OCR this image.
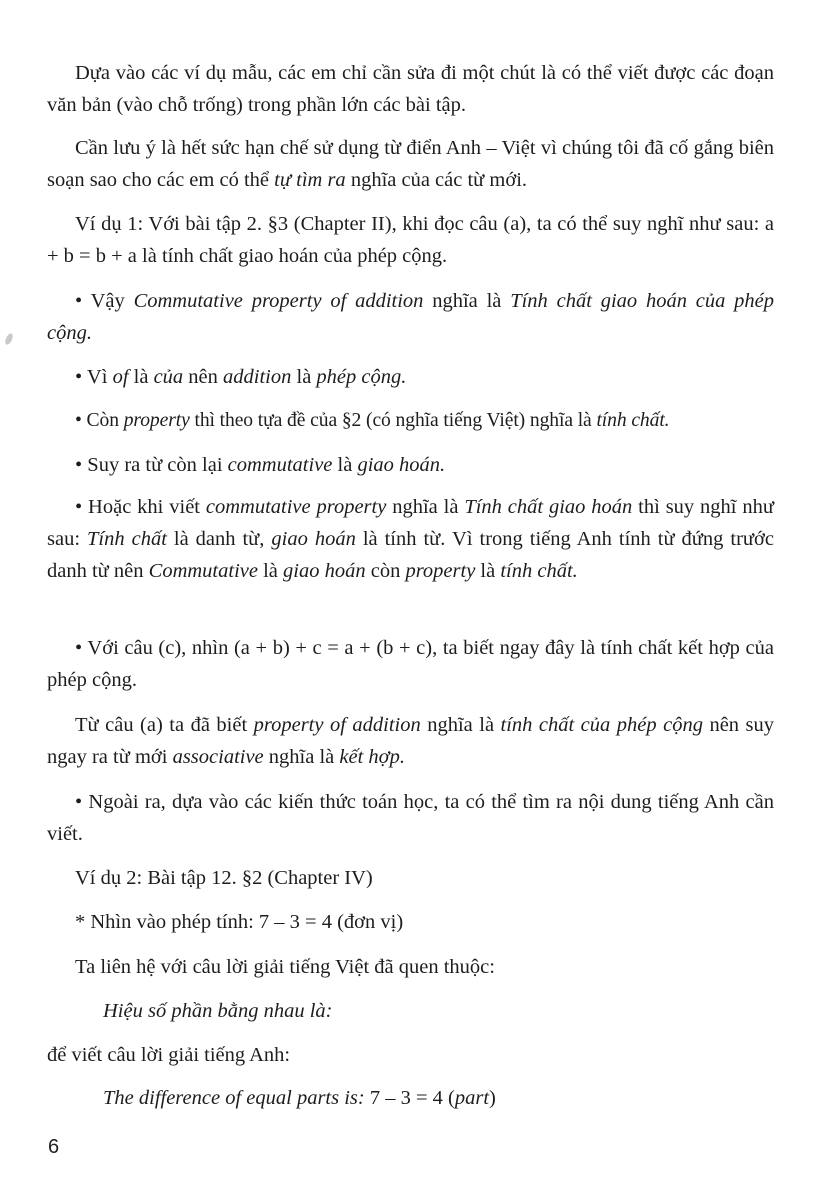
Dựa vào các ví dụ mẫu, các em chỉ cần sửa đi một chút là có thể viết được các đoạn văn bản (vào chỗ trống) trong phần lớn các bài tập.

Cần lưu ý là hết sức hạn chế sử dụng từ điển Anh – Việt vì chúng tôi đã cố gắng biên soạn sao cho các em có thể tự tìm ra nghĩa của các từ mới.

Ví dụ 1: Với bài tập 2. §3 (Chapter II), khi đọc câu (a), ta có thể suy nghĩ như sau: a + b = b + a là tính chất giao hoán của phép cộng.

• Vậy Commutative property of addition nghĩa là Tính chất giao hoán của phép cộng.

• Vì of là của nên addition là phép cộng.

• Còn property thì theo tựa đề của §2 (có nghĩa tiếng Việt) nghĩa là tính chất.

• Suy ra từ còn lại commutative là giao hoán.

• Hoặc khi viết commutative property nghĩa là Tính chất giao hoán thì suy nghĩ như sau: Tính chất là danh từ, giao hoán là tính từ. Vì trong tiếng Anh tính từ đứng trước danh từ nên Commutative là giao hoán còn property là tính chất.

• Với câu (c), nhìn (a + b) + c = a + (b + c), ta biết ngay đây là tính chất kết hợp của phép cộng.

Từ câu (a) ta đã biết property of addition nghĩa là tính chất của phép cộng nên suy ngay ra từ mới associative nghĩa là kết hợp.

• Ngoài ra, dựa vào các kiến thức toán học, ta có thể tìm ra nội dung tiếng Anh cần viết.

Ví dụ 2: Bài tập 12. §2 (Chapter IV)

* Nhìn vào phép tính: 7 – 3 = 4 (đơn vị)

Ta liên hệ với câu lời giải tiếng Việt đã quen thuộc:

Hiệu số phần bằng nhau là:

để viết câu lời giải tiếng Anh:

The difference of equal parts is: 7 – 3 = 4 (part)

6
